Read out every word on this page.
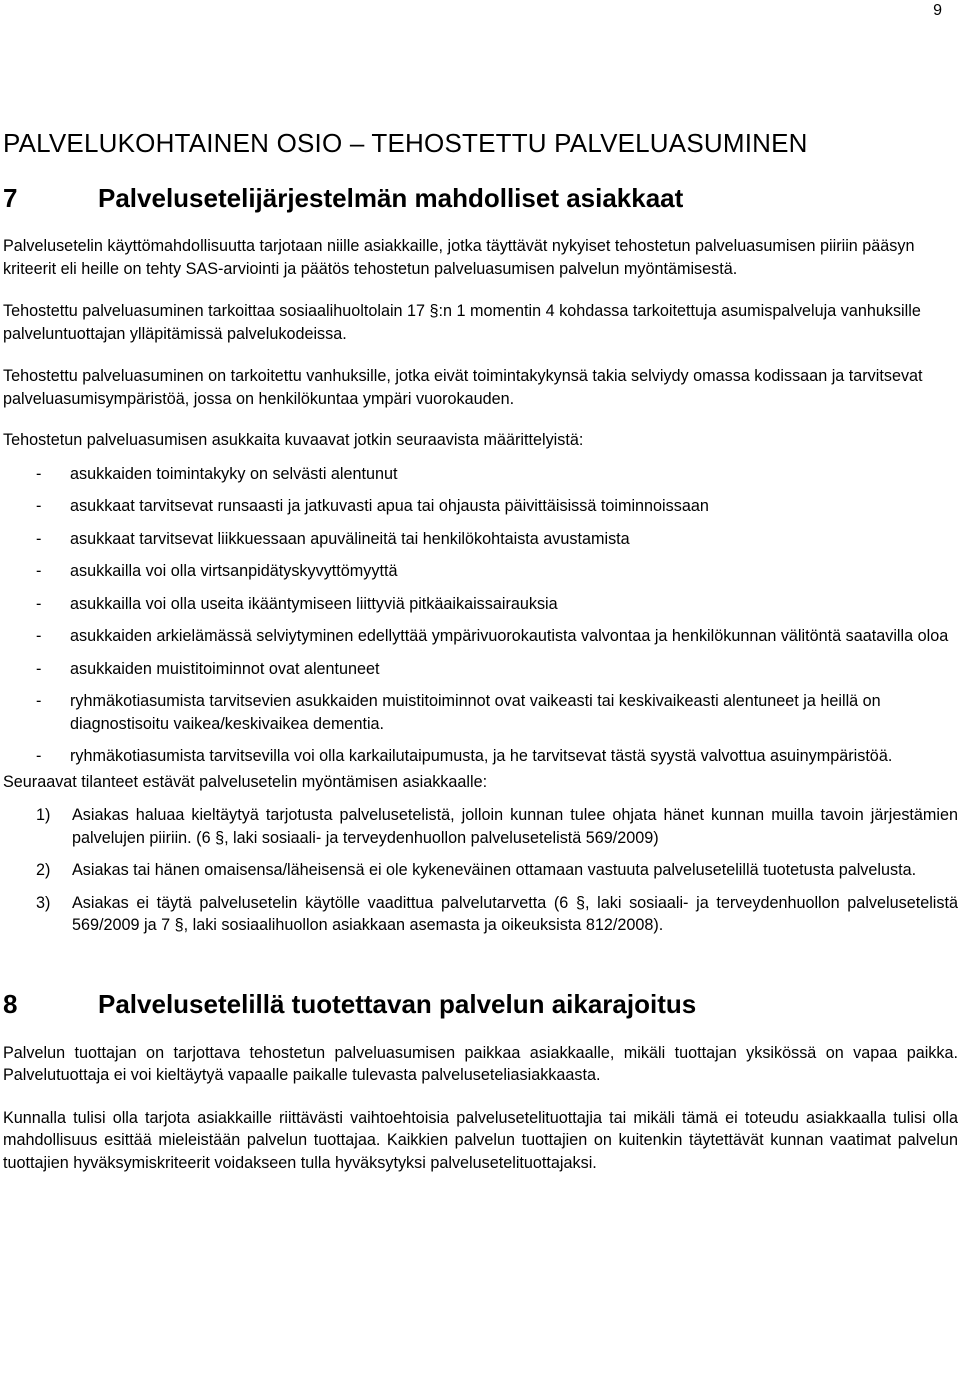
9
PALVELUKOHTAINEN OSIO – TEHOSTETTU PALVELUASUMINEN
7	Palvelusetelijärjestelmän mahdolliset asiakkaat

Palvelusetelin käyttömahdollisuutta tarjotaan niille asiakkaille, jotka täyttävät nykyiset tehostetun palveluasumisen piiriin pääsyn kriteerit eli heille on tehty SAS-arviointi ja päätös tehostetun palveluasumisen palvelun myöntämisestä.

Tehostettu palveluasuminen tarkoittaa sosiaalihuoltolain 17 §:n 1 momentin 4 kohdassa tarkoitettuja asumispalveluja vanhuksille palveluntuottajan ylläpitämissä palvelukodeissa.

Tehostettu palveluasuminen on tarkoitettu vanhuksille, jotka eivät toimintakykynsä takia selviydy omassa kodissaan ja tarvitsevat palveluasumisympäristöä, jossa on henkilökuntaa ympäri vuorokauden.

Tehostetun palveluasumisen asukkaita kuvaavat jotkin seuraavista määrittelyistä:

-	asukkaiden toimintakyky on selvästi alentunut
-	asukkaat tarvitsevat runsaasti ja jatkuvasti apua tai ohjausta päivittäisissä toiminnoissaan
-	asukkaat tarvitsevat liikkuessaan apuvälineitä tai henkilökohtaista avustamista
-	asukkailla voi olla virtsanpidätyskyvyttömyyttä
-	asukkailla voi olla useita ikääntymiseen liittyviä pitkäaikaissairauksia
-	asukkaiden arkielämässä selviytyminen edellyttää ympärivuorokautista valvontaa ja henkilökunnan välitöntä saatavilla oloa
-	asukkaiden muistitoiminnot ovat alentuneet
-	ryhmäkotiasumista tarvitsevien asukkaiden muistitoiminnot ovat vaikeasti tai keskivaikeasti alentuneet ja heillä on diagnostisoitu vaikea/keskivaikea dementia.
-	ryhmäkotiasumista tarvitsevilla voi olla karkailutaipumusta, ja he tarvitsevat tästä syystä valvottua asuinympäristöä.

Seuraavat tilanteet estävät palvelusetelin myöntämisen asiakkaalle:

1)	Asiakas haluaa kieltäytyä tarjotusta palvelusetelistä, jolloin kunnan tulee ohjata hänet kunnan muilla tavoin järjestämien palvelujen piiriin. (6 §, laki sosiaali- ja terveydenhuollon palvelusetelistä 569/2009)
2)	Asiakas tai hänen omaisensa/läheisensä ei ole kykeneväinen ottamaan vastuuta palvelusetelillä tuotetusta palvelusta.
3)	Asiakas ei täytä palvelusetelin käytölle vaadittua palvelutarvetta (6 §, laki sosiaali- ja terveydenhuollon palvelusetelistä 569/2009 ja 7 §, laki sosiaalihuollon asiakkaan asemasta ja oikeuksista 812/2008).
8	Palvelusetelillä tuotettavan palvelun aikarajoitus

Palvelun tuottajan on tarjottava tehostetun palveluasumisen paikkaa asiakkaalle, mikäli tuottajan yksikössä on vapaa paikka. Palvelutuottaja ei voi kieltäytyä vapaalle paikalle tulevasta palveluseteliasiakkaasta.

Kunnalla tulisi olla tarjota asiakkaille riittävästi vaihtoehtoisia palvelusetelituottajia tai mikäli tämä ei toteudu asiakkaalla tulisi olla mahdollisuus esittää mieleistään palvelun tuottajaa. Kaikkien palvelun tuottajien on kuitenkin täytettävät kunnan vaatimat palvelun tuottajien hyväksymiskriteerit voidakseen tulla hyväksytyksi palvelusetelituottajaksi.
